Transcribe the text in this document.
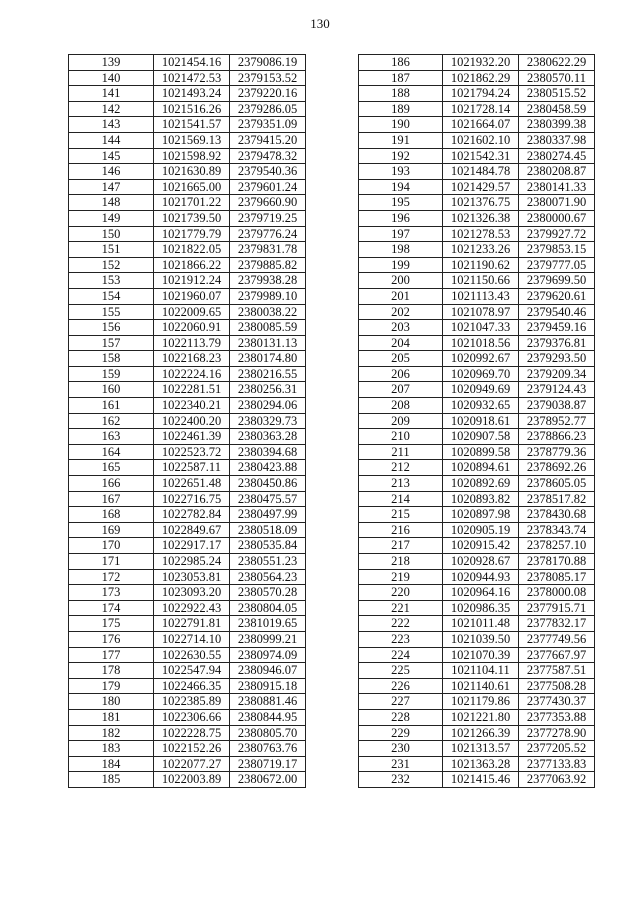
130
139	1021454.16	2379086.19
140	1021472.53	2379153.52
141	1021493.24	2379220.16
142	1021516.26	2379286.05
143	1021541.57	2379351.09
144	1021569.13	2379415.20
145	1021598.92	2379478.32
146	1021630.89	2379540.36
147	1021665.00	2379601.24
148	1021701.22	2379660.90
149	1021739.50	2379719.25
150	1021779.79	2379776.24
151	1021822.05	2379831.78
152	1021866.22	2379885.82
153	1021912.24	2379938.28
154	1021960.07	2379989.10
155	1022009.65	2380038.22
156	1022060.91	2380085.59
157	1022113.79	2380131.13
158	1022168.23	2380174.80
159	1022224.16	2380216.55
160	1022281.51	2380256.31
161	1022340.21	2380294.06
162	1022400.20	2380329.73
163	1022461.39	2380363.28
164	1022523.72	2380394.68
165	1022587.11	2380423.88
166	1022651.48	2380450.86
167	1022716.75	2380475.57
168	1022782.84	2380497.99
169	1022849.67	2380518.09
170	1022917.17	2380535.84
171	1022985.24	2380551.23
172	1023053.81	2380564.23
173	1023093.20	2380570.28
174	1022922.43	2380804.05
175	1022791.81	2381019.65
176	1022714.10	2380999.21
177	1022630.55	2380974.09
178	1022547.94	2380946.07
179	1022466.35	2380915.18
180	1022385.89	2380881.46
181	1022306.66	2380844.95
182	1022228.75	2380805.70
183	1022152.26	2380763.76
184	1022077.27	2380719.17
185	1022003.89	2380672.00
186	1021932.20	2380622.29
187	1021862.29	2380570.11
188	1021794.24	2380515.52
189	1021728.14	2380458.59
190	1021664.07	2380399.38
191	1021602.10	2380337.98
192	1021542.31	2380274.45
193	1021484.78	2380208.87
194	1021429.57	2380141.33
195	1021376.75	2380071.90
196	1021326.38	2380000.67
197	1021278.53	2379927.72
198	1021233.26	2379853.15
199	1021190.62	2379777.05
200	1021150.66	2379699.50
201	1021113.43	2379620.61
202	1021078.97	2379540.46
203	1021047.33	2379459.16
204	1021018.56	2379376.81
205	1020992.67	2379293.50
206	1020969.70	2379209.34
207	1020949.69	2379124.43
208	1020932.65	2379038.87
209	1020918.61	2378952.77
210	1020907.58	2378866.23
211	1020899.58	2378779.36
212	1020894.61	2378692.26
213	1020892.69	2378605.05
214	1020893.82	2378517.82
215	1020897.98	2378430.68
216	1020905.19	2378343.74
217	1020915.42	2378257.10
218	1020928.67	2378170.88
219	1020944.93	2378085.17
220	1020964.16	2378000.08
221	1020986.35	2377915.71
222	1021011.48	2377832.17
223	1021039.50	2377749.56
224	1021070.39	2377667.97
225	1021104.11	2377587.51
226	1021140.61	2377508.28
227	1021179.86	2377430.37
228	1021221.80	2377353.88
229	1021266.39	2377278.90
230	1021313.57	2377205.52
231	1021363.28	2377133.83
232	1021415.46	2377063.92
